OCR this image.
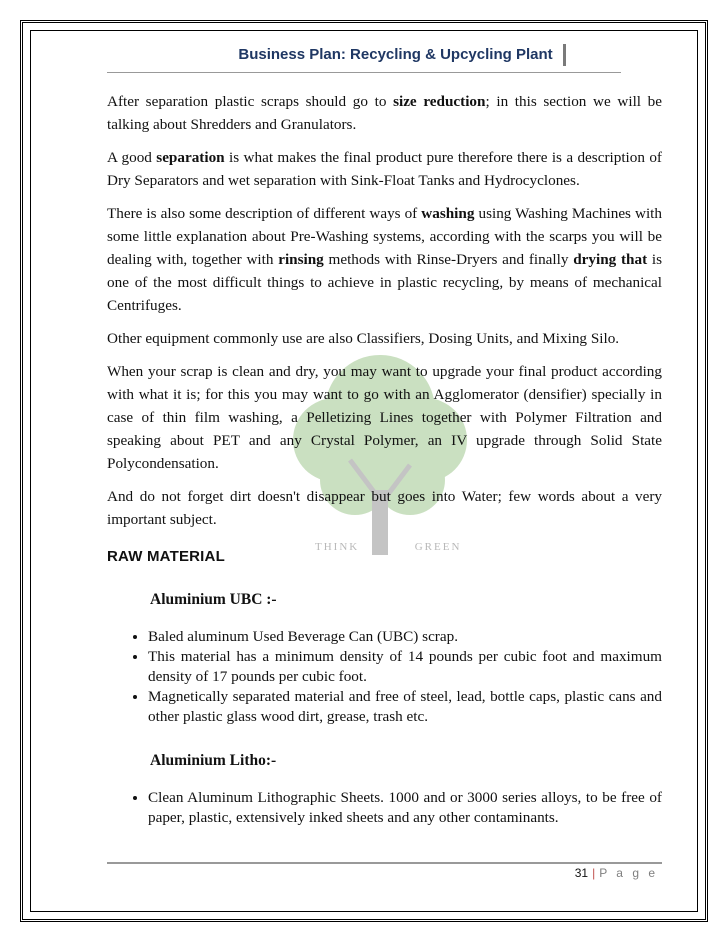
Business Plan: Recycling & Upcycling Plant
THINK	GREEN

After separation plastic scraps should go to size reduction; in this section we will be talking about Shredders and Granulators.

A good separation is what makes the final product pure therefore there is a description of Dry Separators and wet separation with Sink-Float Tanks and Hydrocyclones.

There is also some description of different ways of washing using Washing Machines with some little explanation about Pre-Washing systems, according with the scarps you will be dealing with, together with rinsing methods with Rinse-Dryers and finally drying that is one of the most difficult things to achieve in plastic recycling, by means of mechanical Centrifuges.

Other equipment commonly use are also Classifiers, Dosing Units, and Mixing Silo.

When your scrap is clean and dry, you may want to upgrade your final product according with what it is; for this you may want to go with an Agglomerator (densifier) specially in case of thin film washing, a Pelletizing Lines together with Polymer Filtration and speaking about PET and any Crystal Polymer, an IV upgrade through Solid State Polycondensation.

And do not forget dirt doesn't disappear but goes into Water; few words about a very important subject.

RAW MATERIAL
Aluminium UBC :-
• Baled aluminum Used Beverage Can (UBC) scrap.
• This material has a minimum density of 14 pounds per cubic foot and maximum density of 17 pounds per cubic foot.
• Magnetically separated material and free of steel, lead, bottle caps, plastic cans and other plastic glass wood dirt, grease, trash etc.
Aluminium Litho:-
• Clean Aluminum Lithographic Sheets. 1000 and or 3000 series alloys, to be free of paper, plastic, extensively inked sheets and any other contaminants.
31 | P a g e
